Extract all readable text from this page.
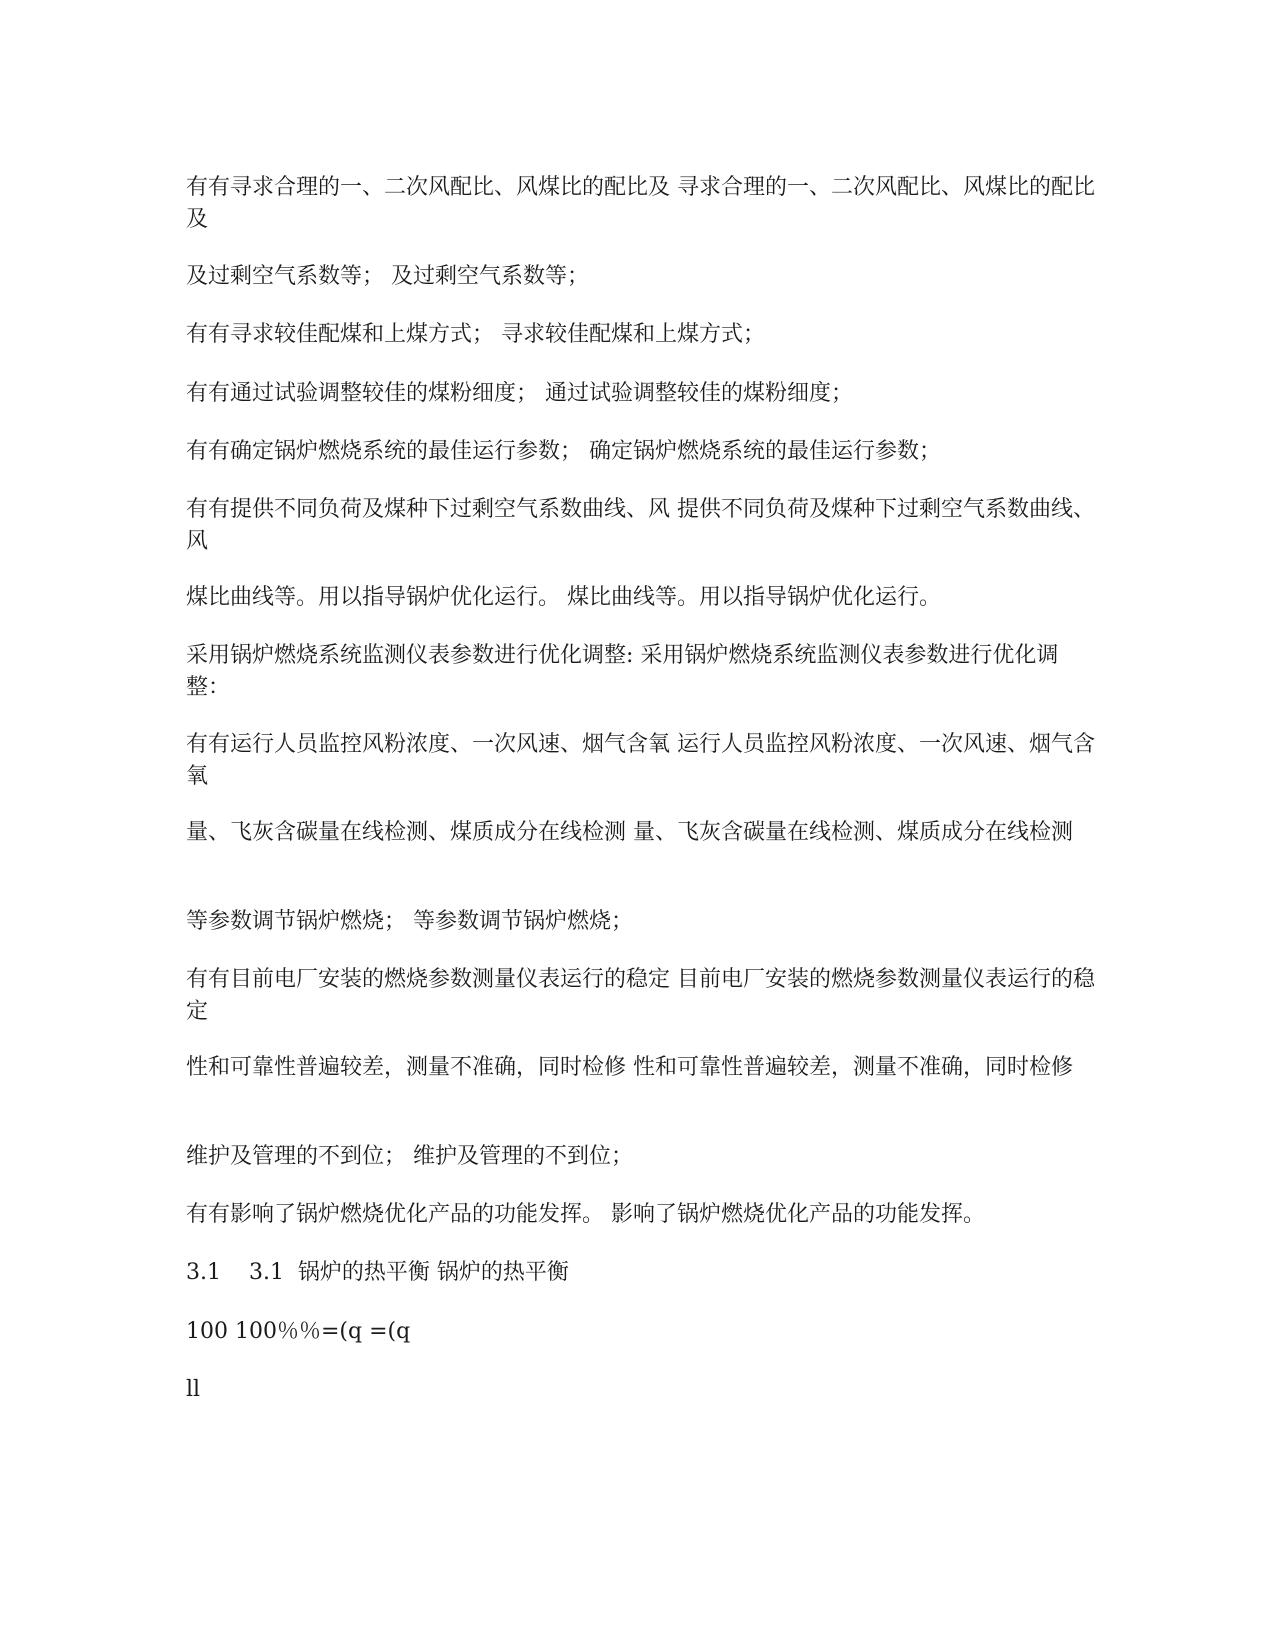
有有寻求合理的一、二次风配比、风煤比的配比及 寻求合理的一、二次风配比、风煤比的配比及

及过剩空气系数等； 及过剩空气系数等；

有有寻求较佳配煤和上煤方式； 寻求较佳配煤和上煤方式；

有有通过试验调整较佳的煤粉细度； 通过试验调整较佳的煤粉细度；

有有确定锅炉燃烧系统的最佳运行参数； 确定锅炉燃烧系统的最佳运行参数；

有有提供不同负荷及煤种下过剩空气系数曲线、风 提供不同负荷及煤种下过剩空气系数曲线、风

煤比曲线等。用以指导锅炉优化运行。 煤比曲线等。用以指导锅炉优化运行。

采用锅炉燃烧系统监测仪表参数进行优化调整: 采用锅炉燃烧系统监测仪表参数进行优化调整：

有有运行人员监控风粉浓度、一次风速、烟气含氧 运行人员监控风粉浓度、一次风速、烟气含氧

量、飞灰含碳量在线检测、煤质成分在线检测 量、飞灰含碳量在线检测、煤质成分在线检测

等参数调节锅炉燃烧； 等参数调节锅炉燃烧；

有有目前电厂安装的燃烧参数测量仪表运行的稳定 目前电厂安装的燃烧参数测量仪表运行的稳定

性和可靠性普遍较差，测量不准确，同时检修 性和可靠性普遍较差，测量不准确，同时检修

维护及管理的不到位； 维护及管理的不到位；

有有影响了锅炉燃烧优化产品的功能发挥。 影响了锅炉燃烧优化产品的功能发挥。

3.1    3.1  锅炉的热平衡 锅炉的热平衡

100 100％％=(q =(q

ll
